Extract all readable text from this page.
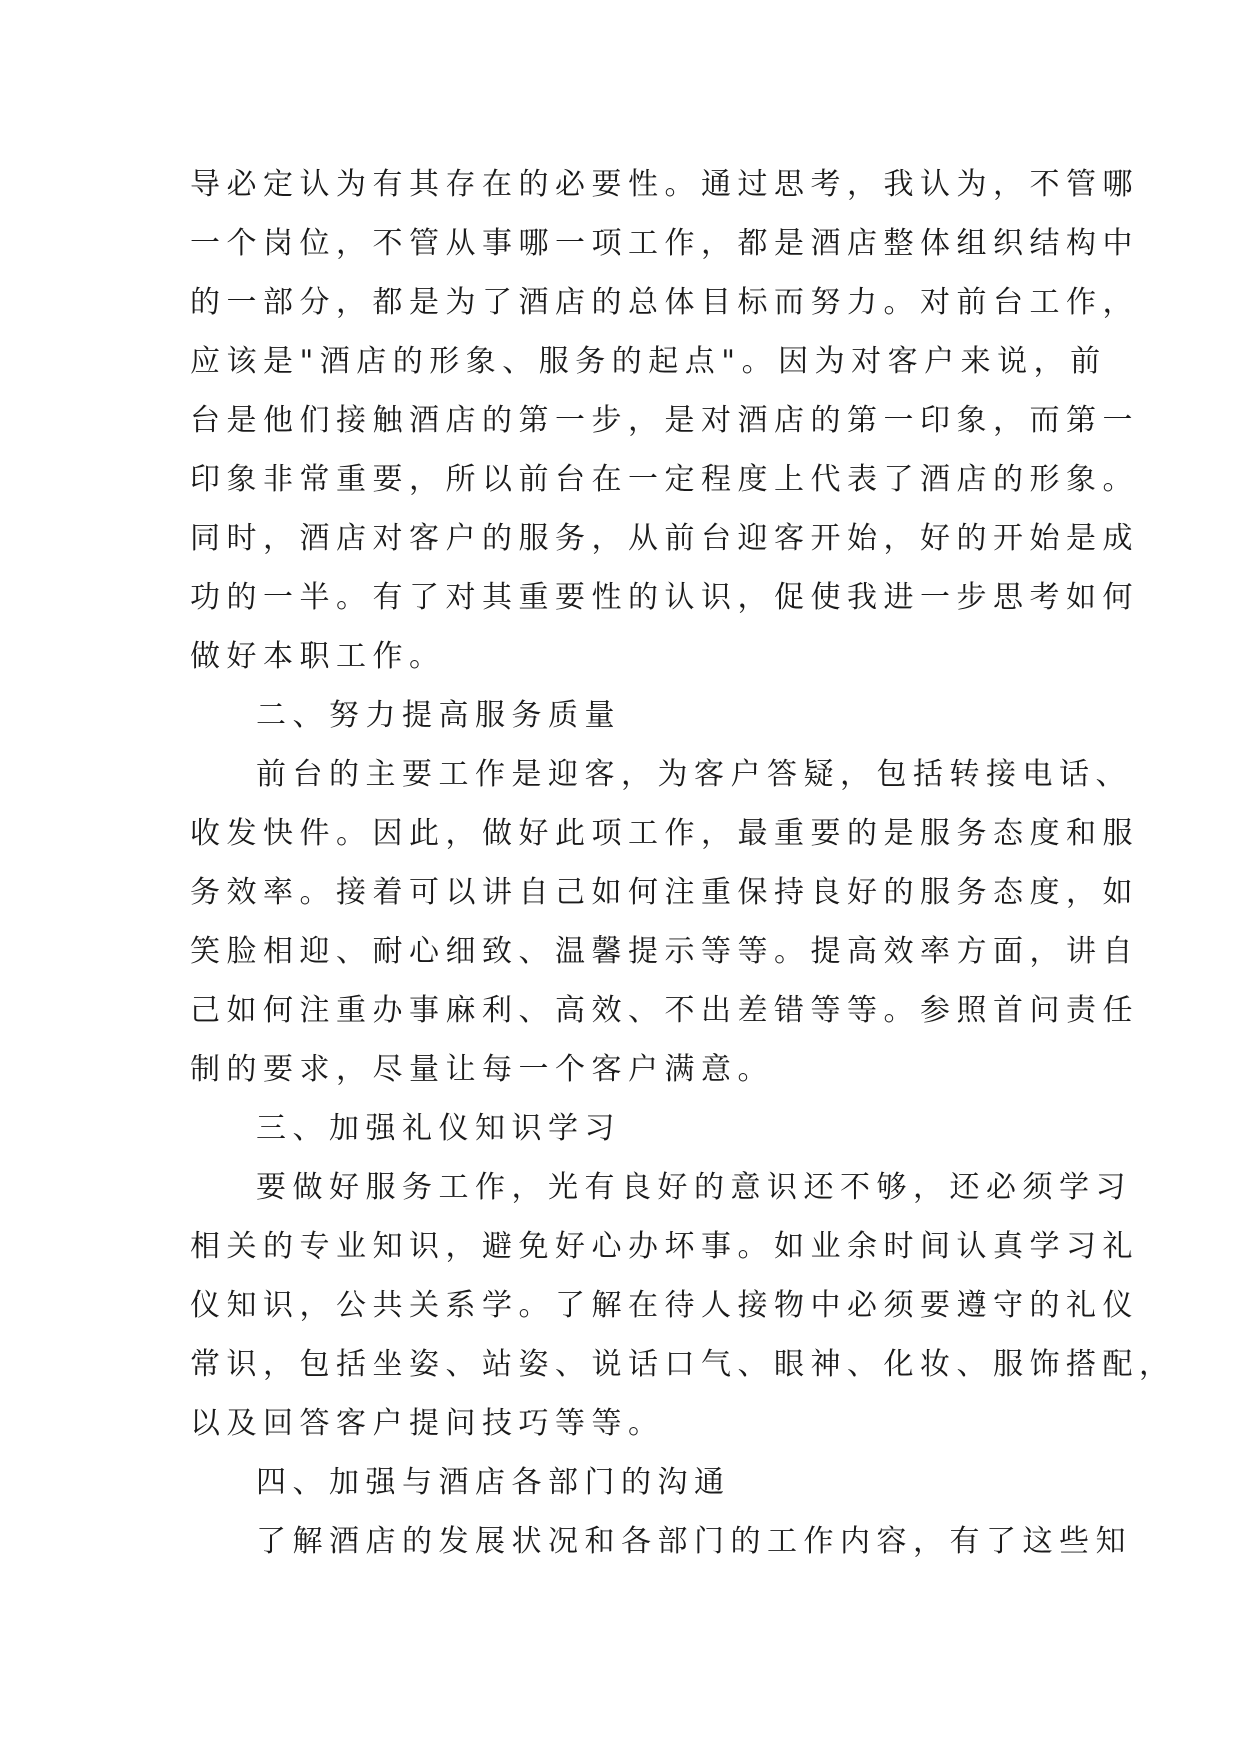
导必定认为有其存在的必要性。通过思考，我认为，不管哪
一个岗位，不管从事哪一项工作，都是酒店整体组织结构中
的一部分，都是为了酒店的总体目标而努力。对前台工作，
应该是"酒店的形象、服务的起点"。因为对客户来说，前
台是他们接触酒店的第一步，是对酒店的第一印象，而第一
印象非常重要，所以前台在一定程度上代表了酒店的形象。
同时，酒店对客户的服务，从前台迎客开始，好的开始是成
功的一半。有了对其重要性的认识，促使我进一步思考如何
做好本职工作。
二、努力提高服务质量
前台的主要工作是迎客，为客户答疑，包括转接电话、
收发快件。因此，做好此项工作，最重要的是服务态度和服
务效率。接着可以讲自己如何注重保持良好的服务态度，如
笑脸相迎、耐心细致、温馨提示等等。提高效率方面，讲自
己如何注重办事麻利、高效、不出差错等等。参照首问责任
制的要求，尽量让每一个客户满意。
三、加强礼仪知识学习
要做好服务工作，光有良好的意识还不够，还必须学习
相关的专业知识，避免好心办坏事。如业余时间认真学习礼
仪知识，公共关系学。了解在待人接物中必须要遵守的礼仪
常识，包括坐姿、站姿、说话口气、眼神、化妆、服饰搭配，
以及回答客户提问技巧等等。
四、加强与酒店各部门的沟通
了解酒店的发展状况和各部门的工作内容，有了这些知
